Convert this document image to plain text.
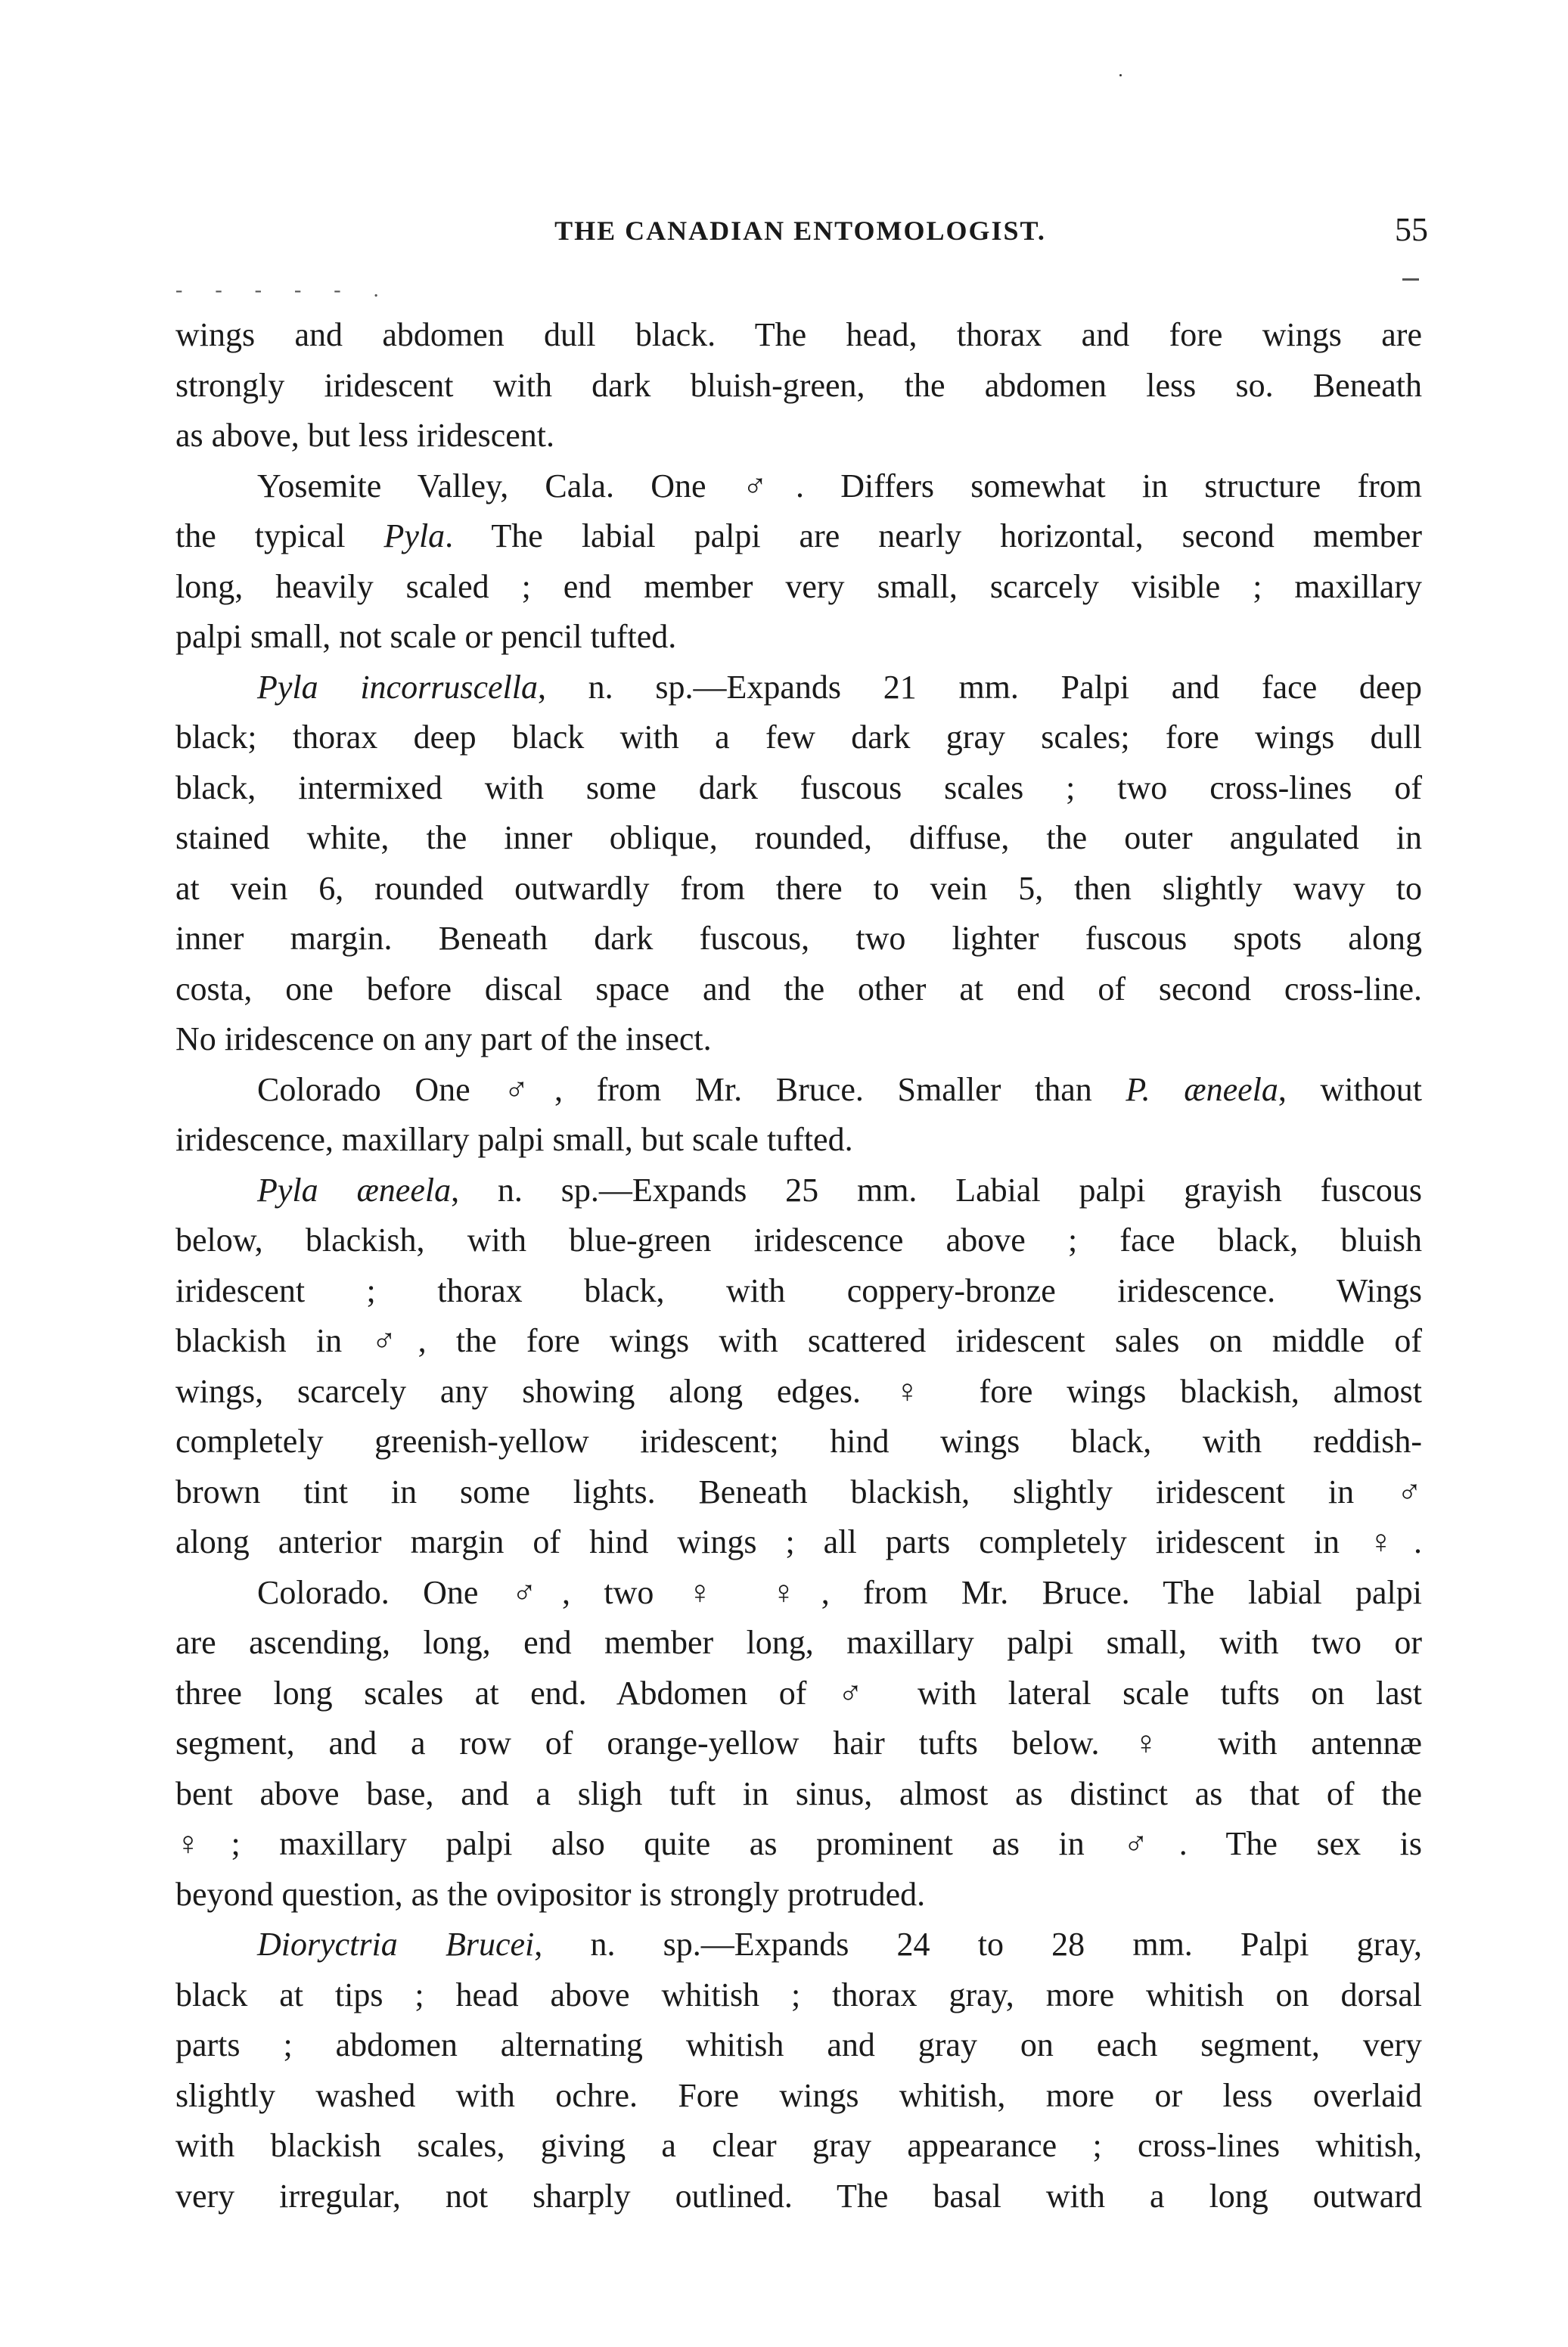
THE CANADIAN ENTOMOLOGIST.	55
- - - - - .
wings and abdomen dull black. The head, thorax and fore wings are
strongly iridescent with dark bluish-green, the abdomen less so. Beneath
as above, but less iridescent.
Yosemite Valley, Cala. One ♂. Differs somewhat in structure from
the typical Pyla. The labial palpi are nearly horizontal, second member
long, heavily scaled ; end member very small, scarcely visible ; maxillary
palpi small, not scale or pencil tufted.
Pyla incorruscella, n. sp.—Expands 21 mm. Palpi and face deep
black; thorax deep black with a few dark gray scales; fore wings dull
black, intermixed with some dark fuscous scales ; two cross-lines of
stained white, the inner oblique, rounded, diffuse, the outer angulated in
at vein 6, rounded outwardly from there to vein 5, then slightly wavy to
inner margin. Beneath dark fuscous, two lighter fuscous spots along
costa, one before discal space and the other at end of second cross-line.
No iridescence on any part of the insect.
Colorado One ♂, from Mr. Bruce. Smaller than P. æneela, without
iridescence, maxillary palpi small, but scale tufted.
Pyla æneela, n. sp.—Expands 25 mm. Labial palpi grayish fuscous
below, blackish, with blue-green iridescence above ; face black, bluish
iridescent ; thorax black, with coppery-bronze iridescence. Wings
blackish in ♂, the fore wings with scattered iridescent sales on middle of
wings, scarcely any showing along edges. ♀ fore wings blackish, almost
completely greenish-yellow iridescent; hind wings black, with reddish-
brown tint in some lights. Beneath blackish, slightly iridescent in ♂
along anterior margin of hind wings ; all parts completely iridescent in ♀.
Colorado. One ♂, two ♀ ♀, from Mr. Bruce. The labial palpi
are ascending, long, end member long, maxillary palpi small, with two or
three long scales at end. Abdomen of ♂ with lateral scale tufts on last
segment, and a row of orange-yellow hair tufts below. ♀ with antennæ
bent above base, and a sligh tuft in sinus, almost as distinct as that of the
♀; maxillary palpi also quite as prominent as in ♂. The sex is
beyond question, as the ovipositor is strongly protruded.
Dioryctria Brucei, n. sp.—Expands 24 to 28 mm. Palpi gray,
black at tips ; head above whitish ; thorax gray, more whitish on dorsal
parts ; abdomen alternating whitish and gray on each segment, very
slightly washed with ochre. Fore wings whitish, more or less overlaid
with blackish scales, giving a clear gray appearance ; cross-lines whitish,
very irregular, not sharply outlined. The basal with a long outward
